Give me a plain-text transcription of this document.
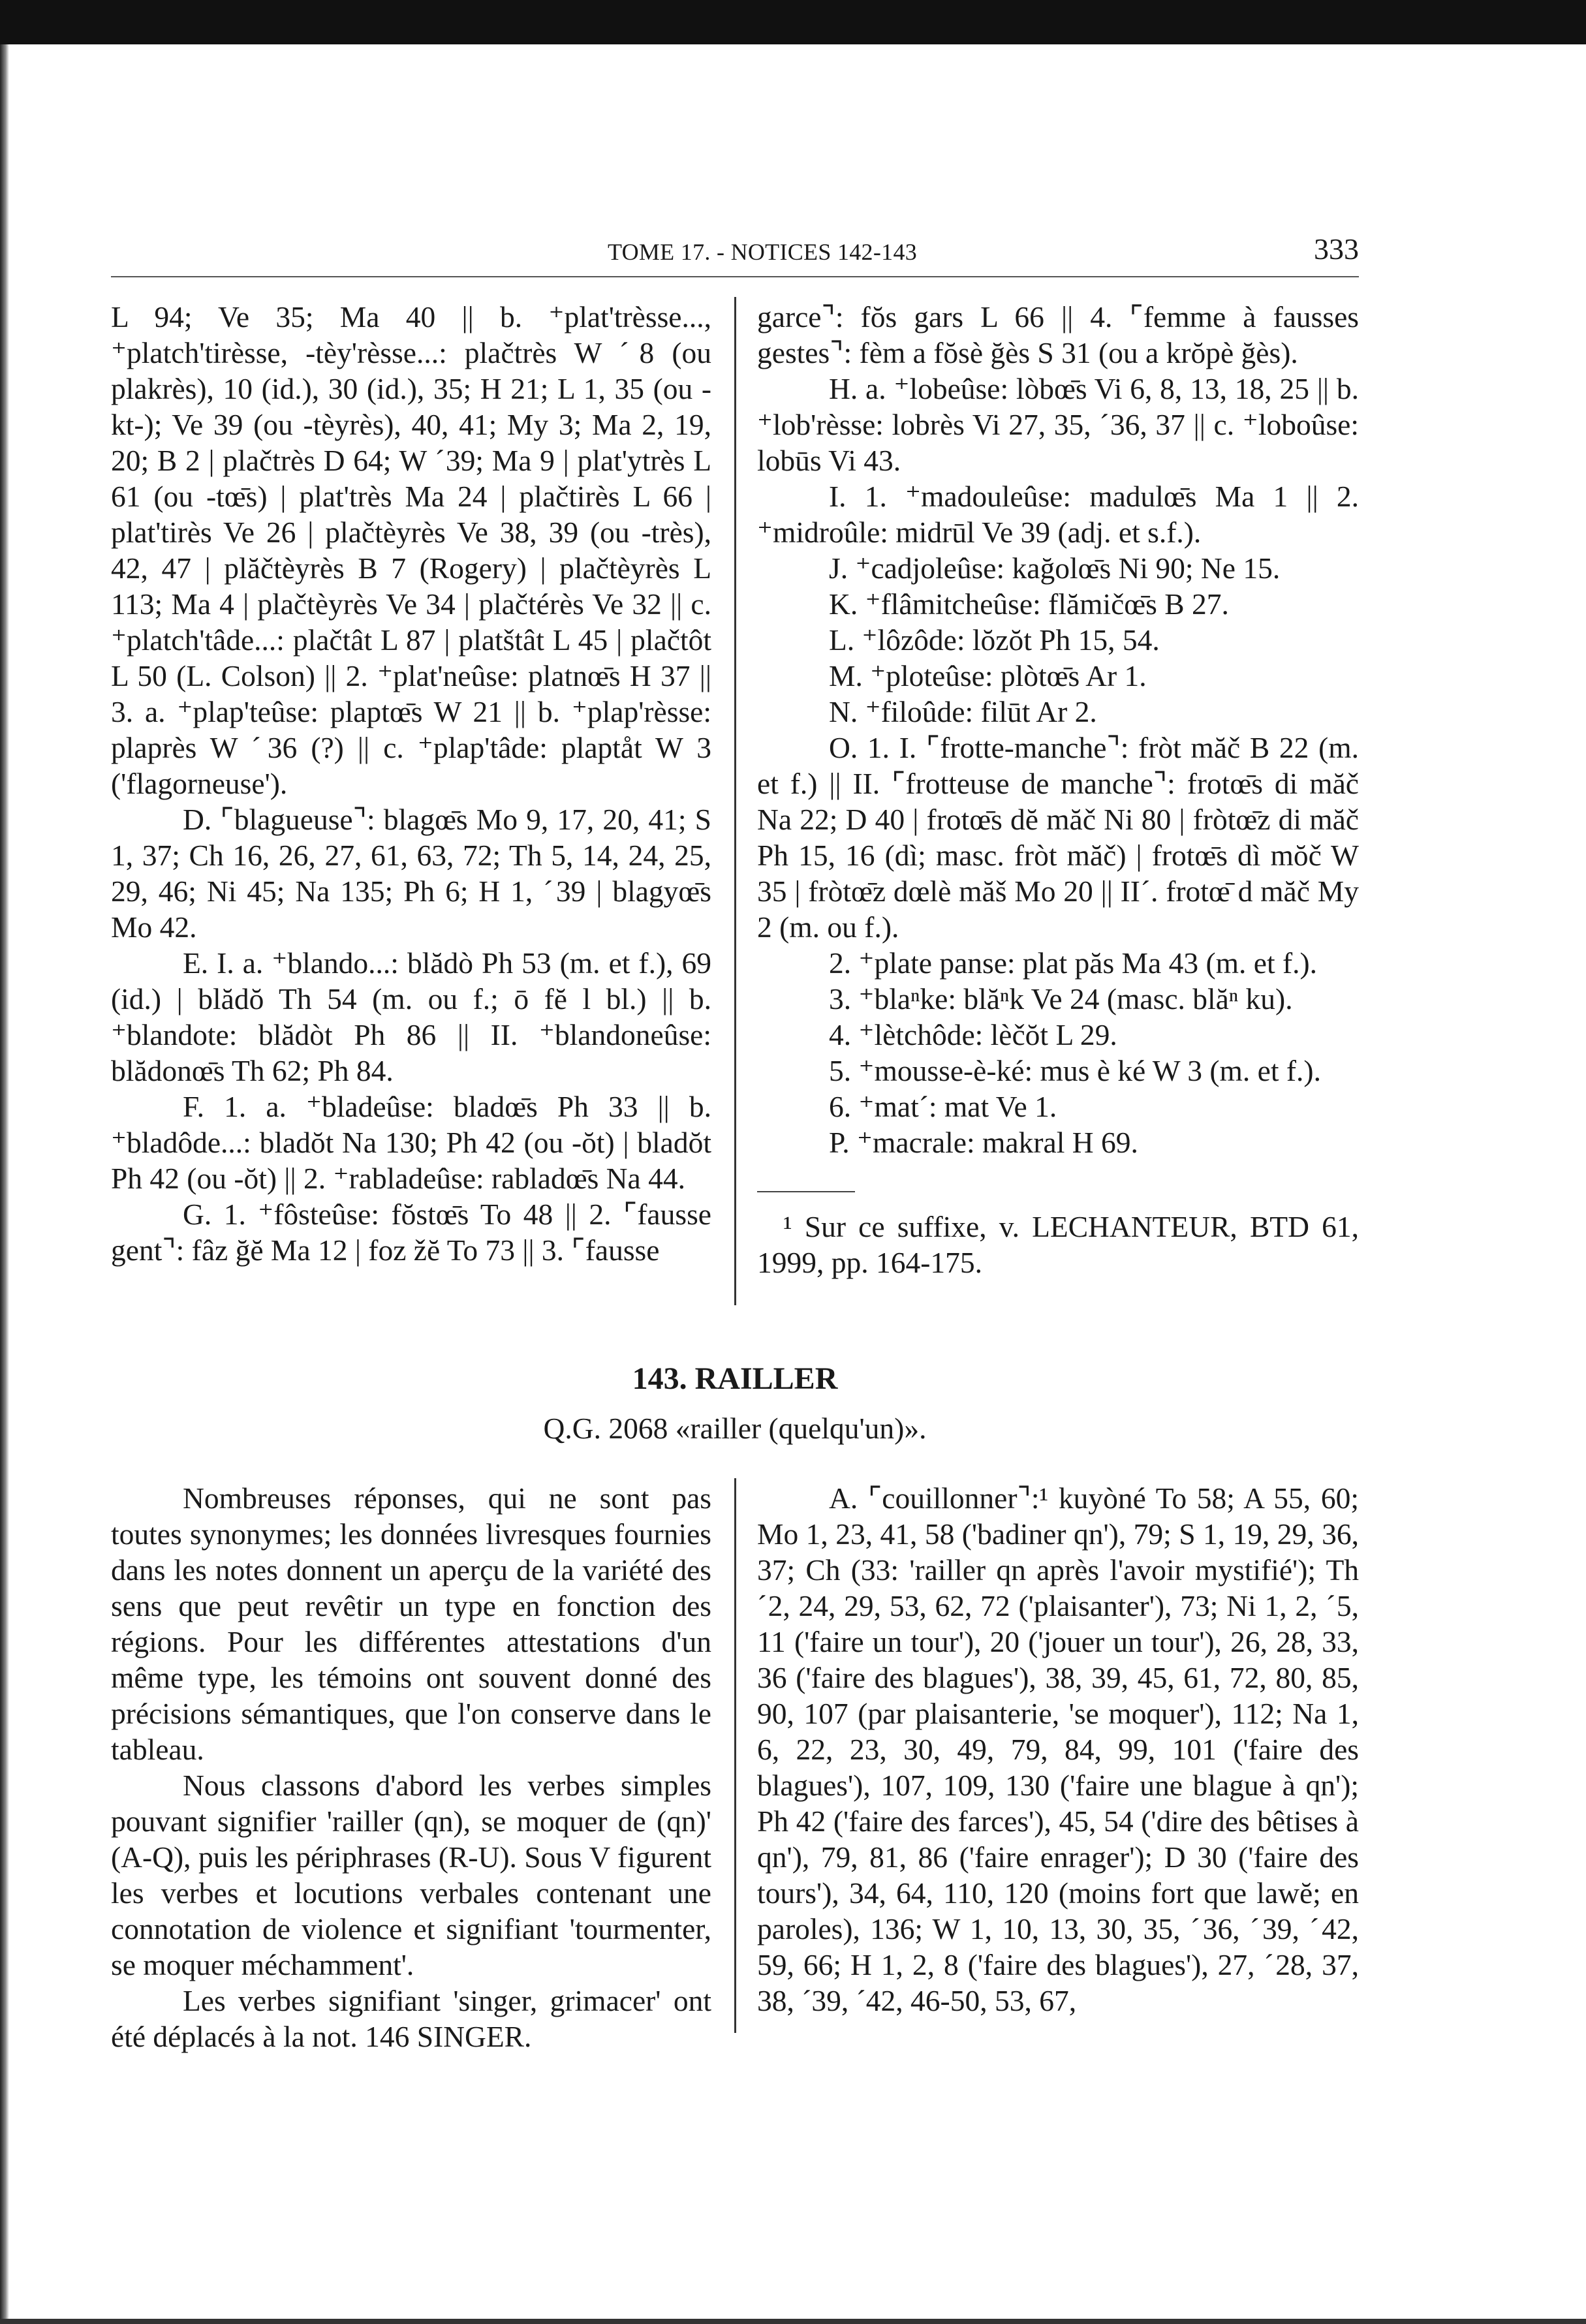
TOME 17. - NOTICES 142-143	333

L 94; Ve 35; Ma 40 || b. ⁺plat'trèsse..., ⁺platch'tirèsse, -tèy'rèsse...: plačtrès W ˊ8 (ou plakrès), 10 (id.), 30 (id.), 35; H 21; L 1, 35 (ou -kt-); Ve 39 (ou -tèyrès), 40, 41; My 3; Ma 2, 19, 20; B 2 | plačtrès D 64; W ˊ39; Ma 9 | plat'ytrès L 61 (ou -tœ̄s) | plat'très Ma 24 | plačtirès L 66 | plat'tirès Ve 26 | plačtèyrès Ve 38, 39 (ou -très), 42, 47 | plăčtèyrès B 7 (Rogery) | plačtèyrès L 113; Ma 4 | plačtèyrès Ve 34 | plačtérès Ve 32 || c. ⁺platch'tâde...: plačtât L 87 | platštât L 45 | plačtôt L 50 (L. Colson) || 2. ⁺plat'neûse: platnœ̄s H 37 || 3. a. ⁺plap'teûse: plaptœ̄s W 21 || b. ⁺plap'rèsse: plaprès W ˊ36 (?) || c. ⁺plap'tâde: plaptåt W 3 ('flagorneuse').

D. ⌜blagueuse⌝: blagœ̄s Mo 9, 17, 20, 41; S 1, 37; Ch 16, 26, 27, 61, 63, 72; Th 5, 14, 24, 25, 29, 46; Ni 45; Na 135; Ph 6; H 1, ˊ39 | blagyœ̄s Mo 42.

E. I. a. ⁺blando...: blădò Ph 53 (m. et f.), 69 (id.) | blădŏ Th 54 (m. ou f.; ō fĕ l bl.) || b. ⁺blandote: blădòt Ph 86 || II. ⁺blandoneûse: blădonœ̄s Th 62; Ph 84.

F. 1. a. ⁺bladeûse: bladœ̄s Ph 33 || b. ⁺bladôde...: bladŏt Na 130; Ph 42 (ou -ŏt) | bladŏt Ph 42 (ou -ŏt) || 2. ⁺rabladeûse: rabladœ̄s Na 44.

G. 1. ⁺fôsteûse: fŏstœ̄s To 48 || 2. ⌜fausse gent⌝: fâz ğĕ Ma 12 | foz žĕ To 73 || 3. ⌜fausse

garce⌝: fŏs gars L 66 || 4. ⌜femme à fausses gestes⌝: fèm a fŏsè ğès S 31 (ou a krŏpè ğès).

H. a. ⁺lobeûse: lòbœ̄s Vi 6, 8, 13, 18, 25 || b. ⁺lob'rèsse: lobrès Vi 27, 35, ˊ36, 37 || c. ⁺loboûse: lobūs Vi 43.

I. 1. ⁺madouleûse: madulœ̄s Ma 1 || 2. ⁺midroûle: midrūl Ve 39 (adj. et s.f.).

J. ⁺cadjoleûse: kağolœ̄s Ni 90; Ne 15.

K. ⁺flâmitcheûse: flămičœ̄s B 27.

L. ⁺lôzôde: lŏzŏt Ph 15, 54.

M. ⁺ploteûse: plòtœ̄s Ar 1.

N. ⁺filoûde: filūt Ar 2.

O. 1. I. ⌜frotte-manche⌝: fròt măč B 22 (m. et f.) || II. ⌜frotteuse de manche⌝: frotœ̄s di măč Na 22; D 40 | frotœ̄s dĕ măč Ni 80 | fròtœ̄z di măč Ph 15, 16 (dì; masc. fròt măč) | frotœ̄s dì mŏč W 35 | fròtœ̄z dœlè măš Mo 20 || IIˊ. frotœ̄ d măč My 2 (m. ou f.).

2. ⁺plate panse: plat păs Ma 43 (m. et f.).

3. ⁺blaⁿke: blăⁿk Ve 24 (masc. blăⁿ ku).

4. ⁺lètchôde: lèčŏt L 29.

5. ⁺mousse-è-ké: mus è ké W 3 (m. et f.).

6. ⁺matˊ: mat Ve 1.

P. ⁺macrale: makral H 69.

¹ Sur ce suffixe, v. LECHANTEUR, BTD 61, 1999, pp. 164-175.
143. RAILLER
Q.G. 2068 «railler (quelqu'un)».

Nombreuses réponses, qui ne sont pas toutes synonymes; les données livresques fournies dans les notes donnent un aperçu de la variété des sens que peut revêtir un type en fonction des régions. Pour les différentes attestations d'un même type, les témoins ont souvent donné des précisions sémantiques, que l'on conserve dans le tableau.

Nous classons d'abord les verbes simples pouvant signifier 'railler (qn), se moquer de (qn)' (A-Q), puis les périphrases (R-U). Sous V figurent les verbes et locutions verbales contenant une connotation de violence et signifiant 'tourmenter, se moquer méchamment'.

Les verbes signifiant 'singer, grimacer' ont été déplacés à la not. 146 SINGER.

A. ⌜couillonner⌝:¹ kuyòné To 58; A 55, 60; Mo 1, 23, 41, 58 ('badiner qn'), 79; S 1, 19, 29, 36, 37; Ch (33: 'railler qn après l'avoir mystifié'); Th ˊ2, 24, 29, 53, 62, 72 ('plaisanter'), 73; Ni 1, 2, ˊ5, 11 ('faire un tour'), 20 ('jouer un tour'), 26, 28, 33, 36 ('faire des blagues'), 38, 39, 45, 61, 72, 80, 85, 90, 107 (par plaisanterie, 'se moquer'), 112; Na 1, 6, 22, 23, 30, 49, 79, 84, 99, 101 ('faire des blagues'), 107, 109, 130 ('faire une blague à qn'); Ph 42 ('faire des farces'), 45, 54 ('dire des bêtises à qn'), 79, 81, 86 ('faire enrager'); D 30 ('faire des tours'), 34, 64, 110, 120 (moins fort que lawĕ; en paroles), 136; W 1, 10, 13, 30, 35, ˊ36, ˊ39, ˊ42, 59, 66; H 1, 2, 8 ('faire des blagues'), 27, ˊ28, 37, 38, ˊ39, ˊ42, 46-50, 53, 67,
